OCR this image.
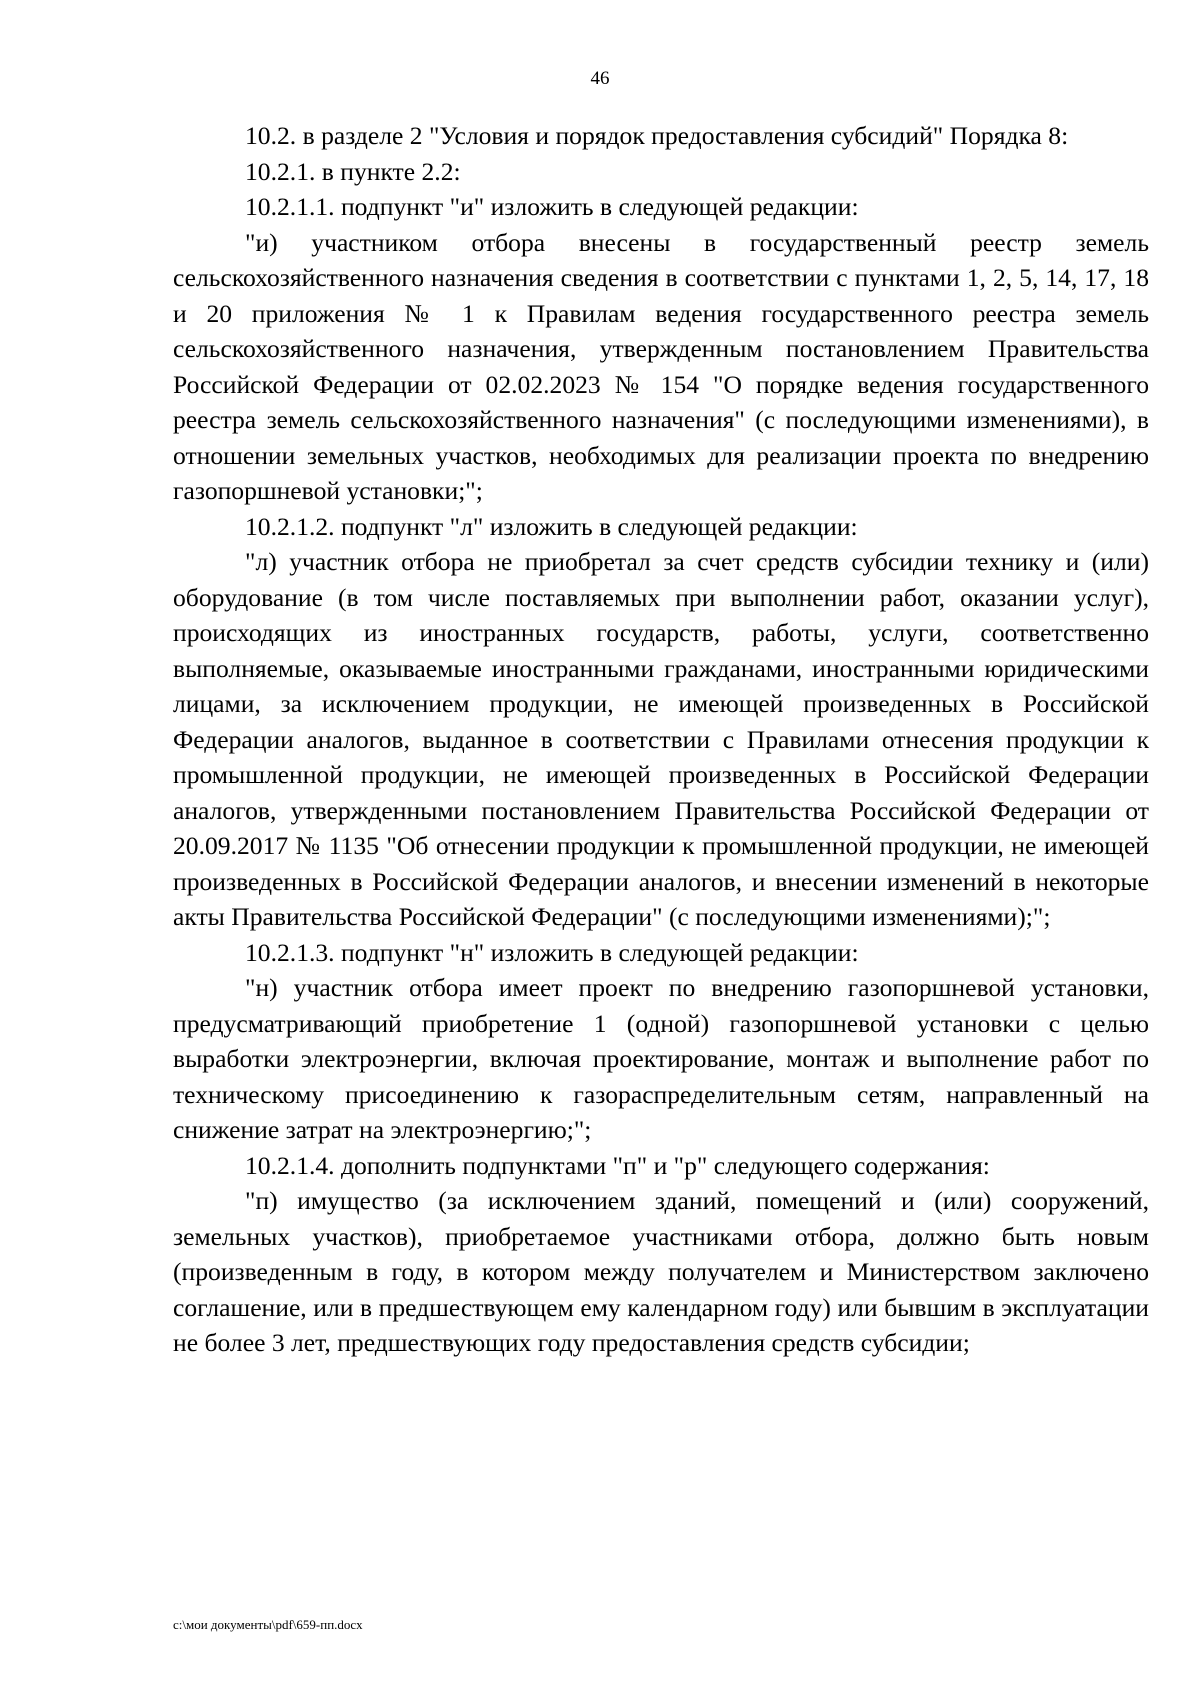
46

10.2. в разделе 2 "Условия и порядок предоставления субсидий" Порядка 8:

10.2.1. в пункте 2.2:

10.2.1.1. подпункт "и" изложить в следующей редакции:

"и) участником отбора внесены в государственный реестр земель сельскохозяйственного назначения сведения в соответствии с пунктами 1, 2, 5, 14, 17, 18 и 20 приложения № 1 к Правилам ведения государственного реестра земель сельскохозяйственного назначения, утвержденным постановлением Правительства Российской Федерации от 02.02.2023 № 154 "О порядке ведения государственного реестра земель сельскохозяйственного назначения" (с последующими изменениями), в отношении земельных участков, необходимых для реализации проекта по внедрению газопоршневой установки;";

10.2.1.2. подпункт "л" изложить в следующей редакции:

"л) участник отбора не приобретал за счет средств субсидии технику и (или) оборудование (в том числе поставляемых при выполнении работ, оказании услуг), происходящих из иностранных государств, работы, услуги, соответственно выполняемые, оказываемые иностранными гражданами, иностранными юридическими лицами, за исключением продукции, не имеющей произведенных в Российской Федерации аналогов, выданное в соответствии с Правилами отнесения продукции к промышленной продукции, не имеющей произведенных в Российской Федерации аналогов, утвержденными постановлением Правительства Российской Федерации от 20.09.2017 № 1135 "Об отнесении продукции к промышленной продукции, не имеющей произведенных в Российской Федерации аналогов, и внесении изменений в некоторые акты Правительства Российской Федерации" (с последующими изменениями);";

10.2.1.3. подпункт "н" изложить в следующей редакции:

"н) участник отбора имеет проект по внедрению газопоршневой установки, предусматривающий приобретение 1 (одной) газопоршневой установки с целью выработки электроэнергии, включая проектирование, монтаж и выполнение работ по техническому присоединению к газораспределительным сетям, направленный на снижение затрат на электроэнергию;";

10.2.1.4. дополнить подпунктами "п" и "р" следующего содержания:

"п) имущество (за исключением зданий, помещений и (или) сооружений, земельных участков), приобретаемое участниками отбора, должно быть новым (произведенным в году, в котором между получателем и Министерством заключено соглашение, или в предшествующем ему календарном году) или бывшим в эксплуатации не более 3 лет, предшествующих году предоставления средств субсидии;

c:\мои документы\pdf\659-пп.docx
